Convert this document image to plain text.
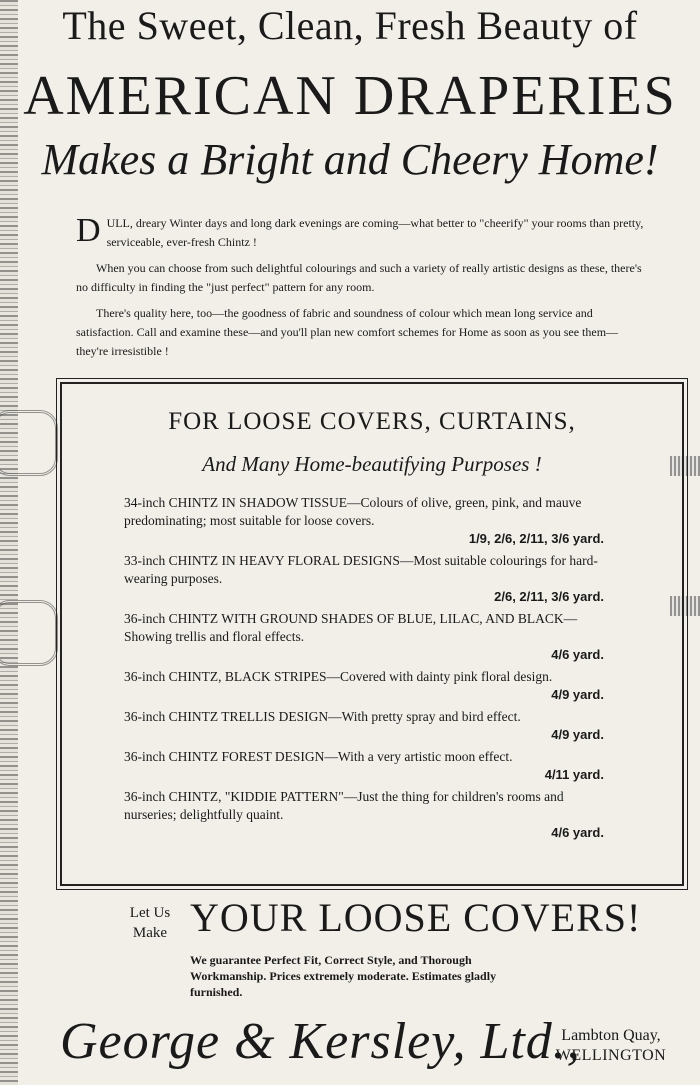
The Sweet, Clean, Fresh Beauty of
AMERICAN DRAPERIES
Makes a Bright and Cheery Home!

DULL, dreary Winter days and long dark evenings are coming—what better to "cheerify" your rooms than pretty, serviceable, ever-fresh Chintz !

When you can choose from such delightful colourings and such a variety of really artistic designs as these, there's no difficulty in finding the "just perfect" pattern for any room.

There's quality here, too—the goodness of fabric and soundness of colour which mean long service and satisfaction. Call and examine these—and you'll plan new comfort schemes for Home as soon as you see them—they're irresistible !

FOR LOOSE COVERS, CURTAINS,
And Many Home-beautifying Purposes !
34-inch CHINTZ IN SHADOW TISSUE—Colours of olive, green, pink, and mauve predominating; most suitable for loose covers.
1/9, 2/6, 2/11, 3/6 yard.
33-inch CHINTZ IN HEAVY FLORAL DESIGNS—Most suitable colourings for hard-wearing purposes.
2/6, 2/11, 3/6 yard.
36-inch CHINTZ WITH GROUND SHADES OF BLUE, LILAC, AND BLACK—Showing trellis and floral effects.
4/6 yard.
36-inch CHINTZ, BLACK STRIPES—Covered with dainty pink floral design.
4/9 yard.
36-inch CHINTZ TRELLIS DESIGN—With pretty spray and bird effect.
4/9 yard.
36-inch CHINTZ FOREST DESIGN—With a very artistic moon effect.
4/11 yard.
36-inch CHINTZ, "KIDDIE PATTERN"—Just the thing for children's rooms and nurseries; delightfully quaint.
4/6 yard.
Let Us
Make YOUR LOOSE COVERS!
We guarantee Perfect Fit, Correct Style, and Thorough Workmanship. Prices extremely moderate. Estimates gladly furnished.
George & Kersley, Ltd.,
Lambton Quay,
WELLINGTON
